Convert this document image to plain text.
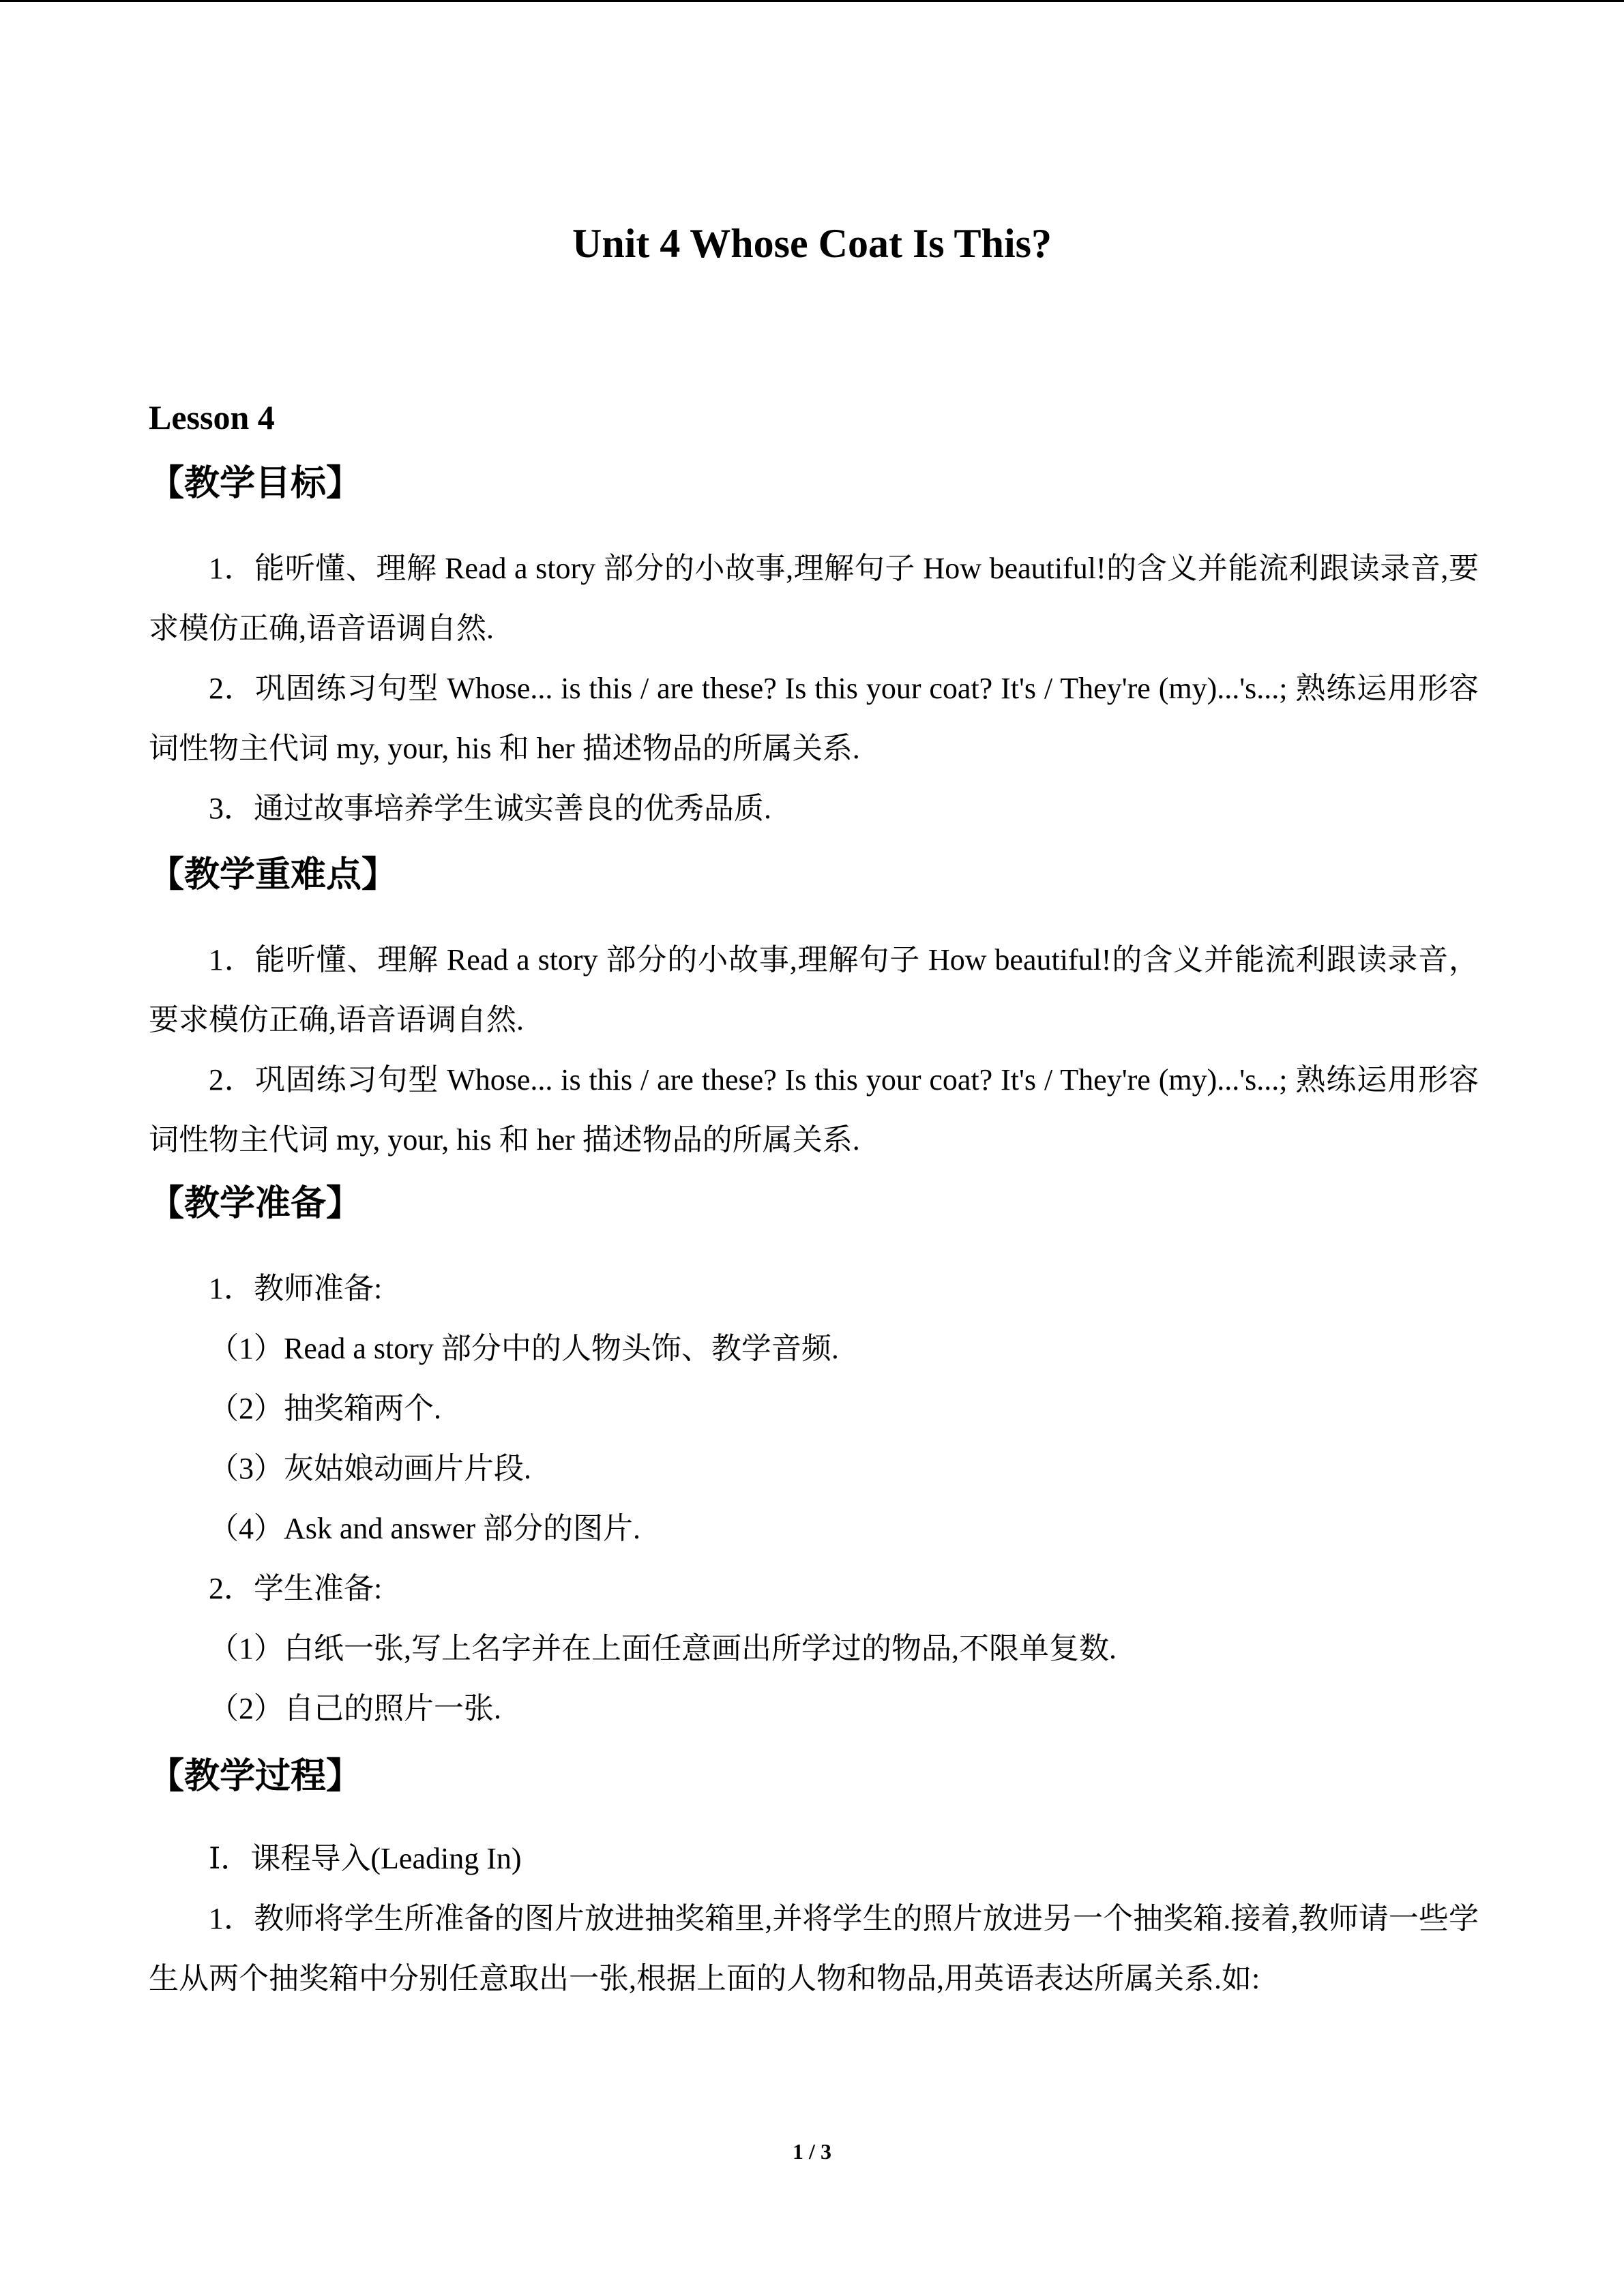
Unit 4 Whose Coat Is This?
Lesson 4
【教学目标】
1．能听懂、理解 Read a story 部分的小故事,理解句子 How beautiful!的含义并能流利跟读录音,要求模仿正确,语音语调自然.
2．巩固练习句型 Whose... is this / are these? Is this your coat? It's / They're (my)...'s...; 熟练运用形容词性物主代词 my, your, his 和 her 描述物品的所属关系.
3．通过故事培养学生诚实善良的优秀品质.
【教学重难点】
1．能听懂、理解 Read a story 部分的小故事,理解句子 How beautiful!的含义并能流利跟读录音，要求模仿正确,语音语调自然.
2．巩固练习句型 Whose... is this / are these? Is this your coat? It's / They're (my)...'s...; 熟练运用形容词性物主代词 my, your, his 和 her 描述物品的所属关系.
【教学准备】
1．教师准备:
（1）Read a story 部分中的人物头饰、教学音频.
（2）抽奖箱两个.
（3）灰姑娘动画片片段.
（4）Ask and answer 部分的图片.
2．学生准备:
（1）白纸一张,写上名字并在上面任意画出所学过的物品,不限单复数.
（2）自己的照片一张.
【教学过程】
Ⅰ．课程导入(Leading In)
1．教师将学生所准备的图片放进抽奖箱里,并将学生的照片放进另一个抽奖箱.接着,教师请一些学生从两个抽奖箱中分别任意取出一张,根据上面的人物和物品,用英语表达所属关系.如:
1 / 3
